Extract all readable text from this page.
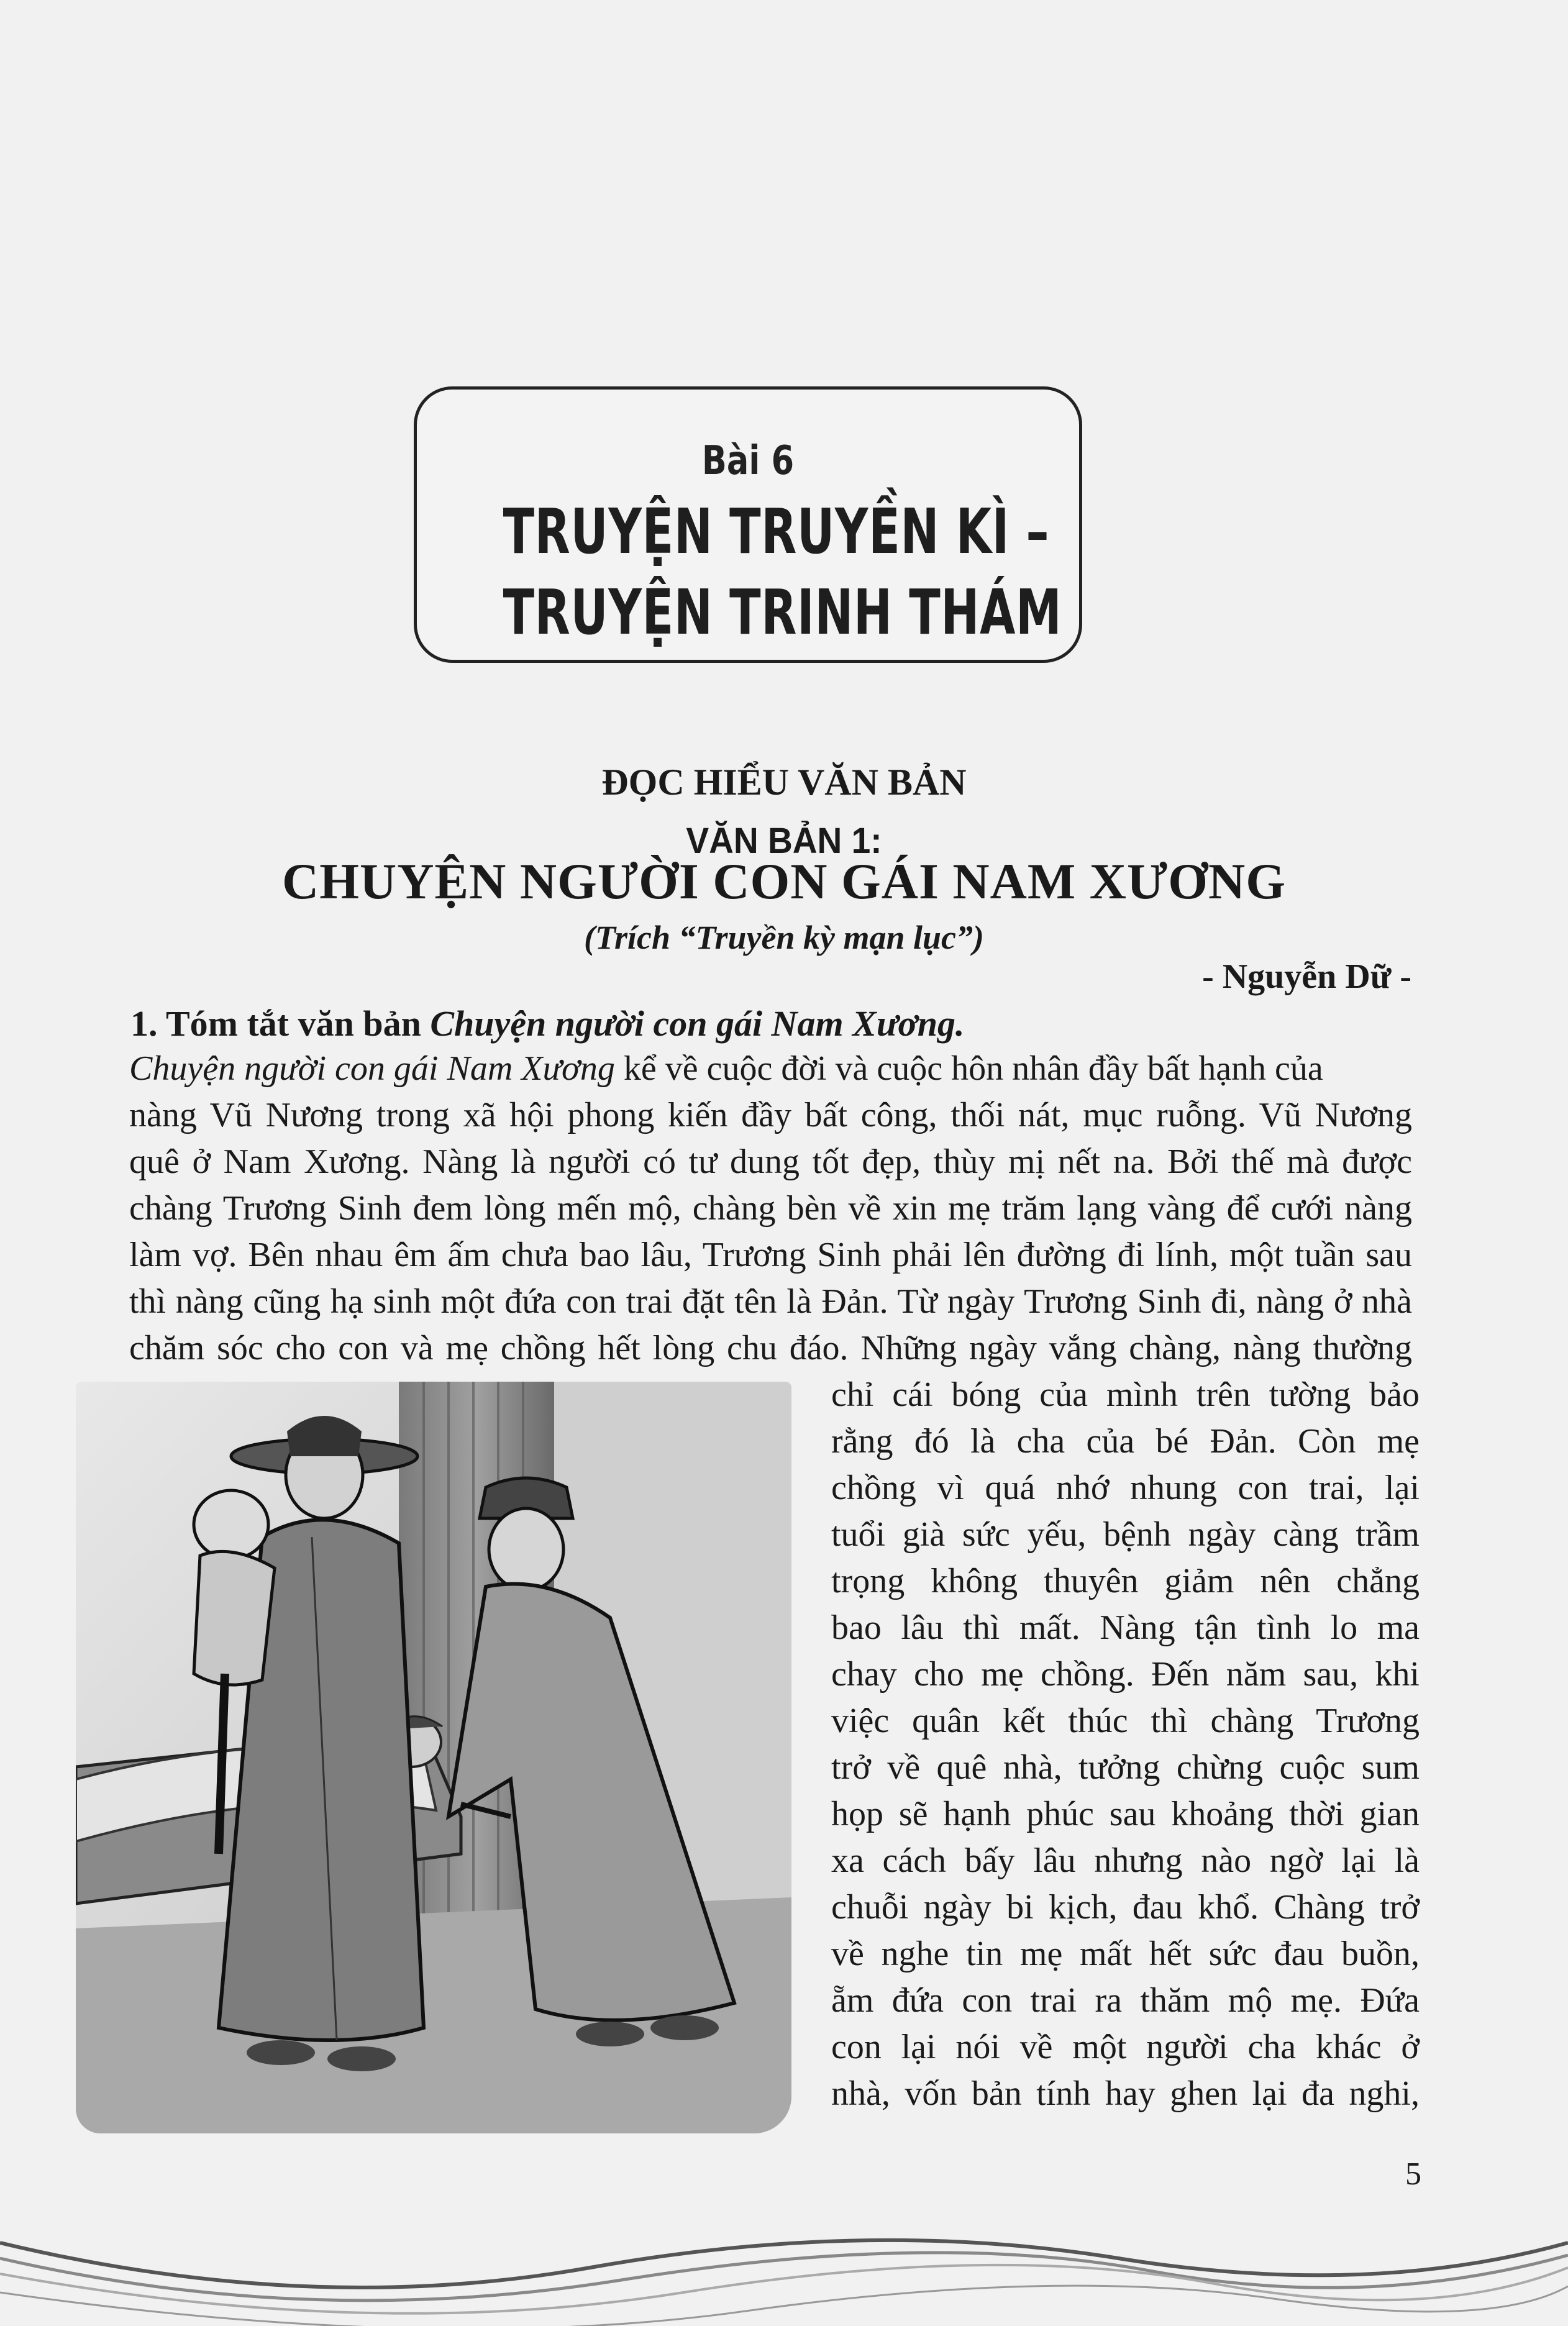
Bài 6
TRUYỆN TRUYỀN KÌ –
TRUYỆN TRINH THÁM
ĐỌC HIỂU VĂN BẢN
VĂN BẢN 1:
CHUYỆN NGƯỜI CON GÁI NAM XƯƠNG
(Trích “Truyền kỳ mạn lục”)
- Nguyễn Dữ -
1. Tóm tắt văn bản Chuyện người con gái Nam Xương.
Chuyện người con gái Nam Xương kể về cuộc đời và cuộc hôn nhân đầy bất hạnh của
nàng Vũ Nương trong xã hội phong kiến đầy bất công, thối nát, mục ruỗng. Vũ Nương
quê ở Nam Xương. Nàng là người có tư dung tốt đẹp, thùy mị nết na. Bởi thế mà được
chàng Trương Sinh đem lòng mến mộ, chàng bèn về xin mẹ trăm lạng vàng để cưới nàng
làm vợ. Bên nhau êm ấm chưa bao lâu, Trương Sinh phải lên đường đi lính, một tuần sau
thì nàng cũng hạ sinh một đứa con trai đặt tên là Đản. Từ ngày Trương Sinh đi, nàng ở nhà
chăm sóc cho con và mẹ chồng hết lòng chu đáo. Những ngày vắng chàng, nàng thường
chỉ cái bóng của mình trên tường bảo
rằng đó là cha của bé Đản. Còn mẹ
chồng vì quá nhớ nhung con trai, lại
tuổi già sức yếu, bệnh ngày càng trầm
trọng không thuyên giảm nên chẳng
bao lâu thì mất. Nàng tận tình lo ma
chay cho mẹ chồng. Đến năm sau, khi
việc quân kết thúc thì chàng Trương
trở về quê nhà, tưởng chừng cuộc sum
họp sẽ hạnh phúc sau khoảng thời gian
xa cách bấy lâu nhưng nào ngờ lại là
chuỗi ngày bi kịch, đau khổ. Chàng trở
về nghe tin mẹ mất hết sức đau buồn,
ẵm đứa con trai ra thăm mộ mẹ. Đứa
con lại nói về một người cha khác ở
nhà, vốn bản tính hay ghen lại đa nghi,
5
